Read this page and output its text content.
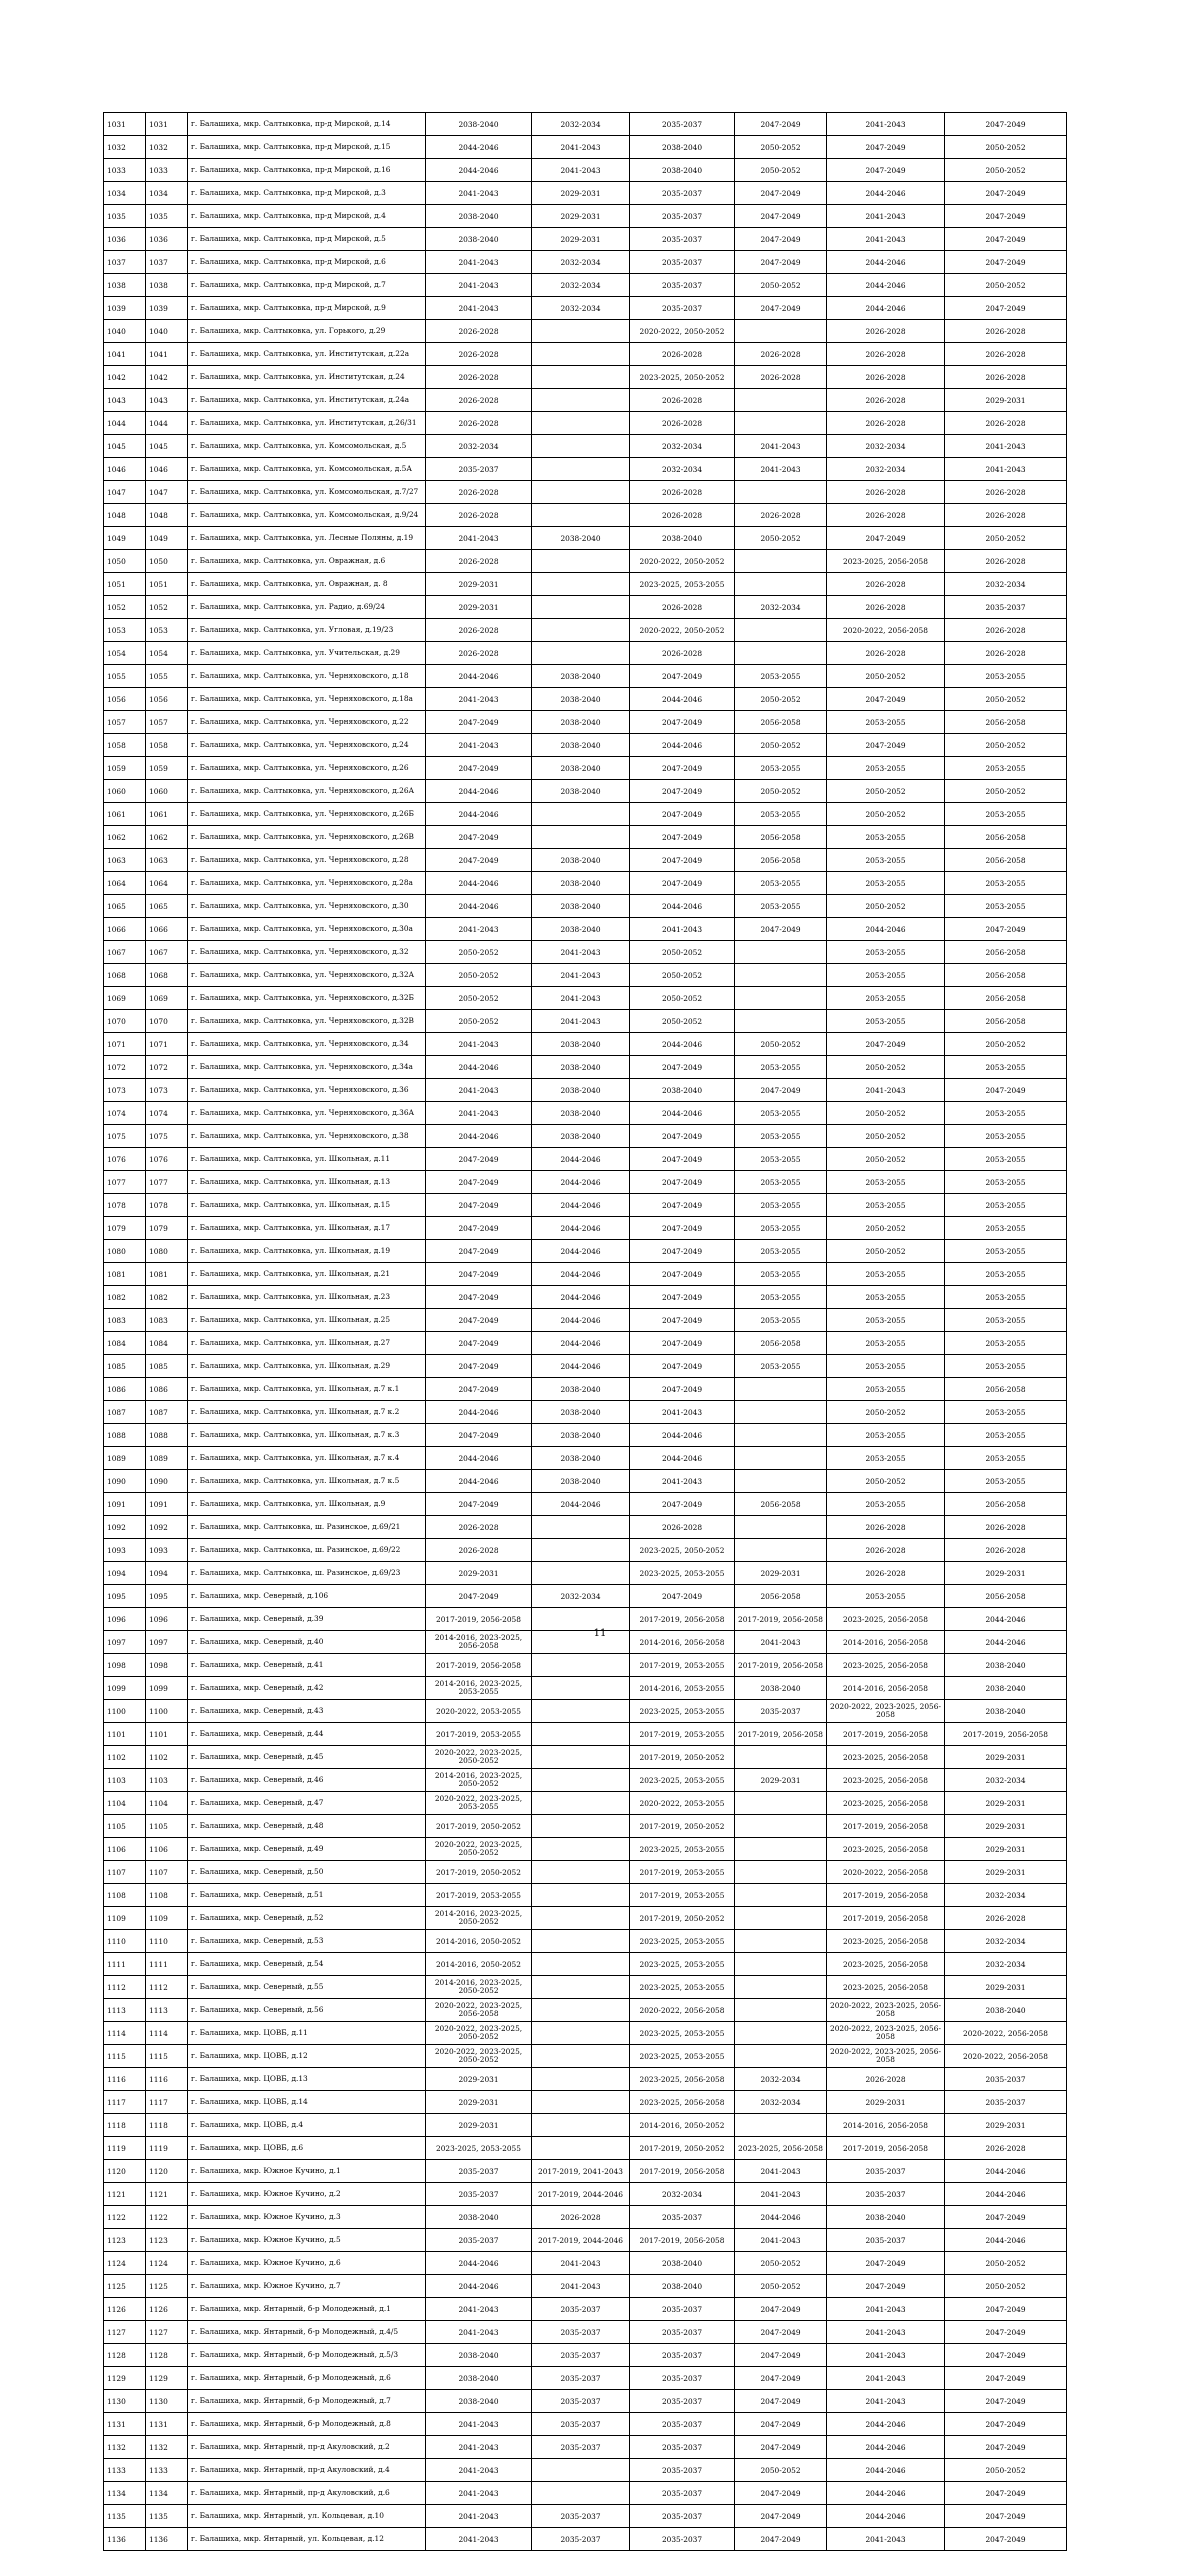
1031	1031	г. Балашиха, мкр. Салтыковка, пр-д Мирской, д.14	2038-2040	2032-2034	2035-2037	2047-2049	2041-2043	2047-2049
1032	1032	г. Балашиха, мкр. Салтыковка, пр-д Мирской, д.15	2044-2046	2041-2043	2038-2040	2050-2052	2047-2049	2050-2052
1033	1033	г. Балашиха, мкр. Салтыковка, пр-д Мирской, д.16	2044-2046	2041-2043	2038-2040	2050-2052	2047-2049	2050-2052
1034	1034	г. Балашиха, мкр. Салтыковка, пр-д Мирской, д.3	2041-2043	2029-2031	2035-2037	2047-2049	2044-2046	2047-2049
1035	1035	г. Балашиха, мкр. Салтыковка, пр-д Мирской, д.4	2038-2040	2029-2031	2035-2037	2047-2049	2041-2043	2047-2049
1036	1036	г. Балашиха, мкр. Салтыковка, пр-д Мирской, д.5	2038-2040	2029-2031	2035-2037	2047-2049	2041-2043	2047-2049
1037	1037	г. Балашиха, мкр. Салтыковка, пр-д Мирской, д.6	2041-2043	2032-2034	2035-2037	2047-2049	2044-2046	2047-2049
1038	1038	г. Балашиха, мкр. Салтыковка, пр-д Мирской, д.7	2041-2043	2032-2034	2035-2037	2050-2052	2044-2046	2050-2052
1039	1039	г. Балашиха, мкр. Салтыковка, пр-д Мирской, д.9	2041-2043	2032-2034	2035-2037	2047-2049	2044-2046	2047-2049
1040	1040	г. Балашиха, мкр. Салтыковка, ул. Горького, д.29	2026-2028		2020-2022, 2050-2052		2026-2028	2026-2028
1041	1041	г. Балашиха, мкр. Салтыковка, ул. Институтская, д.22а	2026-2028		2026-2028	2026-2028	2026-2028	2026-2028
1042	1042	г. Балашиха, мкр. Салтыковка, ул. Институтская, д.24	2026-2028		2023-2025, 2050-2052	2026-2028	2026-2028	2026-2028
1043	1043	г. Балашиха, мкр. Салтыковка, ул. Институтская, д.24а	2026-2028		2026-2028		2026-2028	2029-2031
1044	1044	г. Балашиха, мкр. Салтыковка, ул. Институтская, д.26/31	2026-2028		2026-2028		2026-2028	2026-2028
1045	1045	г. Балашиха, мкр. Салтыковка, ул. Комсомольская, д.5	2032-2034		2032-2034	2041-2043	2032-2034	2041-2043
1046	1046	г. Балашиха, мкр. Салтыковка, ул. Комсомольская, д.5А	2035-2037		2032-2034	2041-2043	2032-2034	2041-2043
1047	1047	г. Балашиха, мкр. Салтыковка, ул. Комсомольская, д.7/27	2026-2028		2026-2028		2026-2028	2026-2028
1048	1048	г. Балашиха, мкр. Салтыковка, ул. Комсомольская, д.9/24	2026-2028		2026-2028	2026-2028	2026-2028	2026-2028
1049	1049	г. Балашиха, мкр. Салтыковка, ул. Лесные Поляны, д.19	2041-2043	2038-2040	2038-2040	2050-2052	2047-2049	2050-2052
1050	1050	г. Балашиха, мкр. Салтыковка, ул. Овражная, д.6	2026-2028		2020-2022, 2050-2052		2023-2025, 2056-2058	2026-2028
1051	1051	г. Балашиха, мкр. Салтыковка, ул. Овражная, д. 8	2029-2031		2023-2025, 2053-2055		2026-2028	2032-2034
1052	1052	г. Балашиха, мкр. Салтыковка, ул. Радио, д.69/24	2029-2031		2026-2028	2032-2034	2026-2028	2035-2037
1053	1053	г. Балашиха, мкр. Салтыковка, ул. Угловая, д.19/23	2026-2028		2020-2022, 2050-2052		2020-2022, 2056-2058	2026-2028
1054	1054	г. Балашиха, мкр. Салтыковка, ул. Учительская, д.29	2026-2028		2026-2028		2026-2028	2026-2028
1055	1055	г. Балашиха, мкр. Салтыковка, ул. Черняховского, д.18	2044-2046	2038-2040	2047-2049	2053-2055	2050-2052	2053-2055
1056	1056	г. Балашиха, мкр. Салтыковка, ул. Черняховского, д.18а	2041-2043	2038-2040	2044-2046	2050-2052	2047-2049	2050-2052
1057	1057	г. Балашиха, мкр. Салтыковка, ул. Черняховского, д.22	2047-2049	2038-2040	2047-2049	2056-2058	2053-2055	2056-2058
1058	1058	г. Балашиха, мкр. Салтыковка, ул. Черняховского, д.24	2041-2043	2038-2040	2044-2046	2050-2052	2047-2049	2050-2052
1059	1059	г. Балашиха, мкр. Салтыковка, ул. Черняховского, д.26	2047-2049	2038-2040	2047-2049	2053-2055	2053-2055	2053-2055
1060	1060	г. Балашиха, мкр. Салтыковка, ул. Черняховского, д.26А	2044-2046	2038-2040	2047-2049	2050-2052	2050-2052	2050-2052
1061	1061	г. Балашиха, мкр. Салтыковка, ул. Черняховского, д.26Б	2044-2046		2047-2049	2053-2055	2050-2052	2053-2055
1062	1062	г. Балашиха, мкр. Салтыковка, ул. Черняховского, д.26В	2047-2049		2047-2049	2056-2058	2053-2055	2056-2058
1063	1063	г. Балашиха, мкр. Салтыковка, ул. Черняховского, д.28	2047-2049	2038-2040	2047-2049	2056-2058	2053-2055	2056-2058
1064	1064	г. Балашиха, мкр. Салтыковка, ул. Черняховского, д.28а	2044-2046	2038-2040	2047-2049	2053-2055	2053-2055	2053-2055
1065	1065	г. Балашиха, мкр. Салтыковка, ул. Черняховского, д.30	2044-2046	2038-2040	2044-2046	2053-2055	2050-2052	2053-2055
1066	1066	г. Балашиха, мкр. Салтыковка, ул. Черняховского, д.30а	2041-2043	2038-2040	2041-2043	2047-2049	2044-2046	2047-2049
1067	1067	г. Балашиха, мкр. Салтыковка, ул. Черняховского, д.32	2050-2052	2041-2043	2050-2052		2053-2055	2056-2058
1068	1068	г. Балашиха, мкр. Салтыковка, ул. Черняховского, д.32А	2050-2052	2041-2043	2050-2052		2053-2055	2056-2058
1069	1069	г. Балашиха, мкр. Салтыковка, ул. Черняховского, д.32Б	2050-2052	2041-2043	2050-2052		2053-2055	2056-2058
1070	1070	г. Балашиха, мкр. Салтыковка, ул. Черняховского, д.32В	2050-2052	2041-2043	2050-2052		2053-2055	2056-2058
1071	1071	г. Балашиха, мкр. Салтыковка, ул. Черняховского, д.34	2041-2043	2038-2040	2044-2046	2050-2052	2047-2049	2050-2052
1072	1072	г. Балашиха, мкр. Салтыковка, ул. Черняховского, д.34а	2044-2046	2038-2040	2047-2049	2053-2055	2050-2052	2053-2055
1073	1073	г. Балашиха, мкр. Салтыковка, ул. Черняховского, д.36	2041-2043	2038-2040	2038-2040	2047-2049	2041-2043	2047-2049
1074	1074	г. Балашиха, мкр. Салтыковка, ул. Черняховского, д.36А	2041-2043	2038-2040	2044-2046	2053-2055	2050-2052	2053-2055
1075	1075	г. Балашиха, мкр. Салтыковка, ул. Черняховского, д.38	2044-2046	2038-2040	2047-2049	2053-2055	2050-2052	2053-2055
1076	1076	г. Балашиха, мкр. Салтыковка, ул. Школьная, д.11	2047-2049	2044-2046	2047-2049	2053-2055	2050-2052	2053-2055
1077	1077	г. Балашиха, мкр. Салтыковка, ул. Школьная, д.13	2047-2049	2044-2046	2047-2049	2053-2055	2053-2055	2053-2055
1078	1078	г. Балашиха, мкр. Салтыковка, ул. Школьная, д.15	2047-2049	2044-2046	2047-2049	2053-2055	2053-2055	2053-2055
1079	1079	г. Балашиха, мкр. Салтыковка, ул. Школьная, д.17	2047-2049	2044-2046	2047-2049	2053-2055	2050-2052	2053-2055
1080	1080	г. Балашиха, мкр. Салтыковка, ул. Школьная, д.19	2047-2049	2044-2046	2047-2049	2053-2055	2050-2052	2053-2055
1081	1081	г. Балашиха, мкр. Салтыковка, ул. Школьная, д.21	2047-2049	2044-2046	2047-2049	2053-2055	2053-2055	2053-2055
1082	1082	г. Балашиха, мкр. Салтыковка, ул. Школьная, д.23	2047-2049	2044-2046	2047-2049	2053-2055	2053-2055	2053-2055
1083	1083	г. Балашиха, мкр. Салтыковка, ул. Школьная, д.25	2047-2049	2044-2046	2047-2049	2053-2055	2053-2055	2053-2055
1084	1084	г. Балашиха, мкр. Салтыковка, ул. Школьная, д.27	2047-2049	2044-2046	2047-2049	2056-2058	2053-2055	2053-2055
1085	1085	г. Балашиха, мкр. Салтыковка, ул. Школьная, д.29	2047-2049	2044-2046	2047-2049	2053-2055	2053-2055	2053-2055
1086	1086	г. Балашиха, мкр. Салтыковка, ул. Школьная, д.7 к.1	2047-2049	2038-2040	2047-2049		2053-2055	2056-2058
1087	1087	г. Балашиха, мкр. Салтыковка, ул. Школьная, д.7 к.2	2044-2046	2038-2040	2041-2043		2050-2052	2053-2055
1088	1088	г. Балашиха, мкр. Салтыковка, ул. Школьная, д.7 к.3	2047-2049	2038-2040	2044-2046		2053-2055	2053-2055
1089	1089	г. Балашиха, мкр. Салтыковка, ул. Школьная, д.7 к.4	2044-2046	2038-2040	2044-2046		2053-2055	2053-2055
1090	1090	г. Балашиха, мкр. Салтыковка, ул. Школьная, д.7 к.5	2044-2046	2038-2040	2041-2043		2050-2052	2053-2055
1091	1091	г. Балашиха, мкр. Салтыковка, ул. Школьная, д.9	2047-2049	2044-2046	2047-2049	2056-2058	2053-2055	2056-2058
1092	1092	г. Балашиха, мкр. Салтыковка, ш. Разинское, д.69/21	2026-2028		2026-2028		2026-2028	2026-2028
1093	1093	г. Балашиха, мкр. Салтыковка, ш. Разинское, д.69/22	2026-2028		2023-2025, 2050-2052		2026-2028	2026-2028
1094	1094	г. Балашиха, мкр. Салтыковка, ш. Разинское, д.69/23	2029-2031		2023-2025, 2053-2055	2029-2031	2026-2028	2029-2031
1095	1095	г. Балашиха, мкр. Северный, д.106	2047-2049	2032-2034	2047-2049	2056-2058	2053-2055	2056-2058
1096	1096	г. Балашиха, мкр. Северный, д.39	2017-2019, 2056-2058		2017-2019, 2056-2058	2017-2019, 2056-2058	2023-2025, 2056-2058	2044-2046
1097	1097	г. Балашиха, мкр. Северный, д.40	2014-2016, 2023-2025, 2056-2058		2014-2016, 2056-2058	2041-2043	2014-2016, 2056-2058	2044-2046
1098	1098	г. Балашиха, мкр. Северный, д.41	2017-2019, 2056-2058		2017-2019, 2053-2055	2017-2019, 2056-2058	2023-2025, 2056-2058	2038-2040
1099	1099	г. Балашиха, мкр. Северный, д.42	2014-2016, 2023-2025, 2053-2055		2014-2016, 2053-2055	2038-2040	2014-2016, 2056-2058	2038-2040
1100	1100	г. Балашиха, мкр. Северный, д.43	2020-2022, 2053-2055		2023-2025, 2053-2055	2035-2037	2020-2022, 2023-2025, 2056-2058	2038-2040
1101	1101	г. Балашиха, мкр. Северный, д.44	2017-2019, 2053-2055		2017-2019, 2053-2055	2017-2019, 2056-2058	2017-2019, 2056-2058	2017-2019, 2056-2058
1102	1102	г. Балашиха, мкр. Северный, д.45	2020-2022, 2023-2025, 2050-2052		2017-2019, 2050-2052		2023-2025, 2056-2058	2029-2031
1103	1103	г. Балашиха, мкр. Северный, д.46	2014-2016, 2023-2025, 2050-2052		2023-2025, 2053-2055	2029-2031	2023-2025, 2056-2058	2032-2034
1104	1104	г. Балашиха, мкр. Северный, д.47	2020-2022, 2023-2025, 2053-2055		2020-2022, 2053-2055		2023-2025, 2056-2058	2029-2031
1105	1105	г. Балашиха, мкр. Северный, д.48	2017-2019, 2050-2052		2017-2019, 2050-2052		2017-2019, 2056-2058	2029-2031
1106	1106	г. Балашиха, мкр. Северный, д.49	2020-2022, 2023-2025, 2050-2052		2023-2025, 2053-2055		2023-2025, 2056-2058	2029-2031
1107	1107	г. Балашиха, мкр. Северный, д.50	2017-2019, 2050-2052		2017-2019, 2053-2055		2020-2022, 2056-2058	2029-2031
1108	1108	г. Балашиха, мкр. Северный, д.51	2017-2019, 2053-2055		2017-2019, 2053-2055		2017-2019, 2056-2058	2032-2034
1109	1109	г. Балашиха, мкр. Северный, д.52	2014-2016, 2023-2025, 2050-2052		2017-2019, 2050-2052		2017-2019, 2056-2058	2026-2028
1110	1110	г. Балашиха, мкр. Северный, д.53	2014-2016, 2050-2052		2023-2025, 2053-2055		2023-2025, 2056-2058	2032-2034
1111	1111	г. Балашиха, мкр. Северный, д.54	2014-2016, 2050-2052		2023-2025, 2053-2055		2023-2025, 2056-2058	2032-2034
1112	1112	г. Балашиха, мкр. Северный, д.55	2014-2016, 2023-2025, 2050-2052		2023-2025, 2053-2055		2023-2025, 2056-2058	2029-2031
1113	1113	г. Балашиха, мкр. Северный, д.56	2020-2022, 2023-2025, 2056-2058		2020-2022, 2056-2058		2020-2022, 2023-2025, 2056-2058	2038-2040
1114	1114	г. Балашиха, мкр. ЦОВБ, д.11	2020-2022, 2023-2025, 2050-2052		2023-2025, 2053-2055		2020-2022, 2023-2025, 2056-2058	2020-2022, 2056-2058
1115	1115	г. Балашиха, мкр. ЦОВБ, д.12	2020-2022, 2023-2025, 2050-2052		2023-2025, 2053-2055		2020-2022, 2023-2025, 2056-2058	2020-2022, 2056-2058
1116	1116	г. Балашиха, мкр. ЦОВБ, д.13	2029-2031		2023-2025, 2056-2058	2032-2034	2026-2028	2035-2037
1117	1117	г. Балашиха, мкр. ЦОВБ, д.14	2029-2031		2023-2025, 2056-2058	2032-2034	2029-2031	2035-2037
1118	1118	г. Балашиха, мкр. ЦОВБ, д.4	2029-2031		2014-2016, 2050-2052		2014-2016, 2056-2058	2029-2031
1119	1119	г. Балашиха, мкр. ЦОВБ, д.6	2023-2025, 2053-2055		2017-2019, 2050-2052	2023-2025, 2056-2058	2017-2019, 2056-2058	2026-2028
1120	1120	г. Балашиха, мкр. Южное Кучино, д.1	2035-2037	2017-2019, 2041-2043	2017-2019, 2056-2058	2041-2043	2035-2037	2044-2046
1121	1121	г. Балашиха, мкр. Южное Кучино, д.2	2035-2037	2017-2019, 2044-2046	2032-2034	2041-2043	2035-2037	2044-2046
1122	1122	г. Балашиха, мкр. Южное Кучино, д.3	2038-2040	2026-2028	2035-2037	2044-2046	2038-2040	2047-2049
1123	1123	г. Балашиха, мкр. Южное Кучино, д.5	2035-2037	2017-2019, 2044-2046	2017-2019, 2056-2058	2041-2043	2035-2037	2044-2046
1124	1124	г. Балашиха, мкр. Южное Кучино, д.6	2044-2046	2041-2043	2038-2040	2050-2052	2047-2049	2050-2052
1125	1125	г. Балашиха, мкр. Южное Кучино, д.7	2044-2046	2041-2043	2038-2040	2050-2052	2047-2049	2050-2052
1126	1126	г. Балашиха, мкр. Янтарный, б-р Молодежный, д.1	2041-2043	2035-2037	2035-2037	2047-2049	2041-2043	2047-2049
1127	1127	г. Балашиха, мкр. Янтарный, б-р Молодежный, д.4/5	2041-2043	2035-2037	2035-2037	2047-2049	2041-2043	2047-2049
1128	1128	г. Балашиха, мкр. Янтарный, б-р Молодежный, д.5/3	2038-2040	2035-2037	2035-2037	2047-2049	2041-2043	2047-2049
1129	1129	г. Балашиха, мкр. Янтарный, б-р Молодежный, д.6	2038-2040	2035-2037	2035-2037	2047-2049	2041-2043	2047-2049
1130	1130	г. Балашиха, мкр. Янтарный, б-р Молодежный, д.7	2038-2040	2035-2037	2035-2037	2047-2049	2041-2043	2047-2049
1131	1131	г. Балашиха, мкр. Янтарный, б-р Молодежный, д.8	2041-2043	2035-2037	2035-2037	2047-2049	2044-2046	2047-2049
1132	1132	г. Балашиха, мкр. Янтарный, пр-д Акуловский, д.2	2041-2043	2035-2037	2035-2037	2047-2049	2044-2046	2047-2049
1133	1133	г. Балашиха, мкр. Янтарный, пр-д Акуловский, д.4	2041-2043		2035-2037	2050-2052	2044-2046	2050-2052
1134	1134	г. Балашиха, мкр. Янтарный, пр-д Акуловский, д.6	2041-2043		2035-2037	2047-2049	2044-2046	2047-2049
1135	1135	г. Балашиха, мкр. Янтарный, ул. Кольцевая, д.10	2041-2043	2035-2037	2035-2037	2047-2049	2044-2046	2047-2049
1136	1136	г. Балашиха, мкр. Янтарный, ул. Кольцевая, д.12	2041-2043	2035-2037	2035-2037	2047-2049	2041-2043	2047-2049
11
